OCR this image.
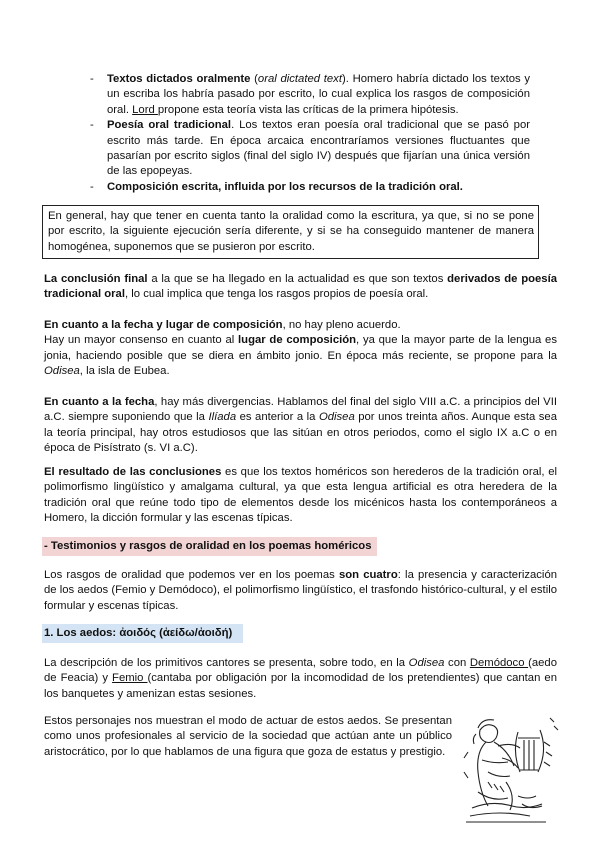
- Textos dictados oralmente (oral dictated text). Homero habría dictado los textos y un escriba los habría pasado por escrito, lo cual explica los rasgos de composición oral. Lord propone esta teoría vista las críticas de la primera hipótesis.
- Poesía oral tradicional. Los textos eran poesía oral tradicional que se pasó por escrito más tarde. En época arcaica encontraríamos versiones fluctuantes que pasarían por escrito siglos (final del siglo IV) después que fijarían una única versión de las epopeyas.
- Composición escrita, influida por los recursos de la tradición oral.
En general, hay que tener en cuenta tanto la oralidad como la escritura, ya que, si no se pone por escrito, la siguiente ejecución sería diferente, y si se ha conseguido mantener de manera homogénea, suponemos que se pusieron por escrito.

La conclusión final a la que se ha llegado en la actualidad es que son textos derivados de poesía tradicional oral, lo cual implica que tenga los rasgos propios de poesía oral.

En cuanto a la fecha y lugar de composición, no hay pleno acuerdo.
Hay un mayor consenso en cuanto al lugar de composición, ya que la mayor parte de la lengua es jonia, haciendo posible que se diera en ámbito jonio. En época más reciente, se propone para la Odisea, la isla de Eubea.

En cuanto a la fecha, hay más divergencias. Hablamos del final del siglo VIII a.C. a principios del VII a.C. siempre suponiendo que la Ilíada es anterior a la Odisea por unos treinta años. Aunque esta sea la teoría principal, hay otros estudiosos que las sitúan en otros periodos, como el siglo IX a.C o en época de Pisístrato (s. VI a.C).

El resultado de las conclusiones es que los textos homéricos son herederos de la tradición oral, el polimorfismo lingüístico y amalgama cultural, ya que esta lengua artificial es otra heredera de la tradición oral que reúne todo tipo de elementos desde los micénicos hasta los contemporáneos a Homero, la dicción formular y las escenas típicas.

- Testimonios y rasgos de oralidad en los poemas homéricos

Los rasgos de oralidad que podemos ver en los poemas son cuatro: la presencia y caracterización de los aedos (Femio y Demódoco), el polimorfismo lingüístico, el trasfondo histórico-cultural, y el estilo formular y escenas típicas.

1. Los aedos: ἀοιδός (ἀείδω/ἀοιδή)

La descripción de los primitivos cantores se presenta, sobre todo, en la Odisea con Demódoco (aedo de Feacia) y Femio (cantaba por obligación por la incomodidad de los pretendientes) que cantan en los banquetes y amenizan estas sesiones.

Estos personajes nos muestran el modo de actuar de estos aedos. Se presentan como unos profesionales al servicio de la sociedad que actúan ante un público aristocrático, por lo que hablamos de una figura que goza de estatus y prestigio.
